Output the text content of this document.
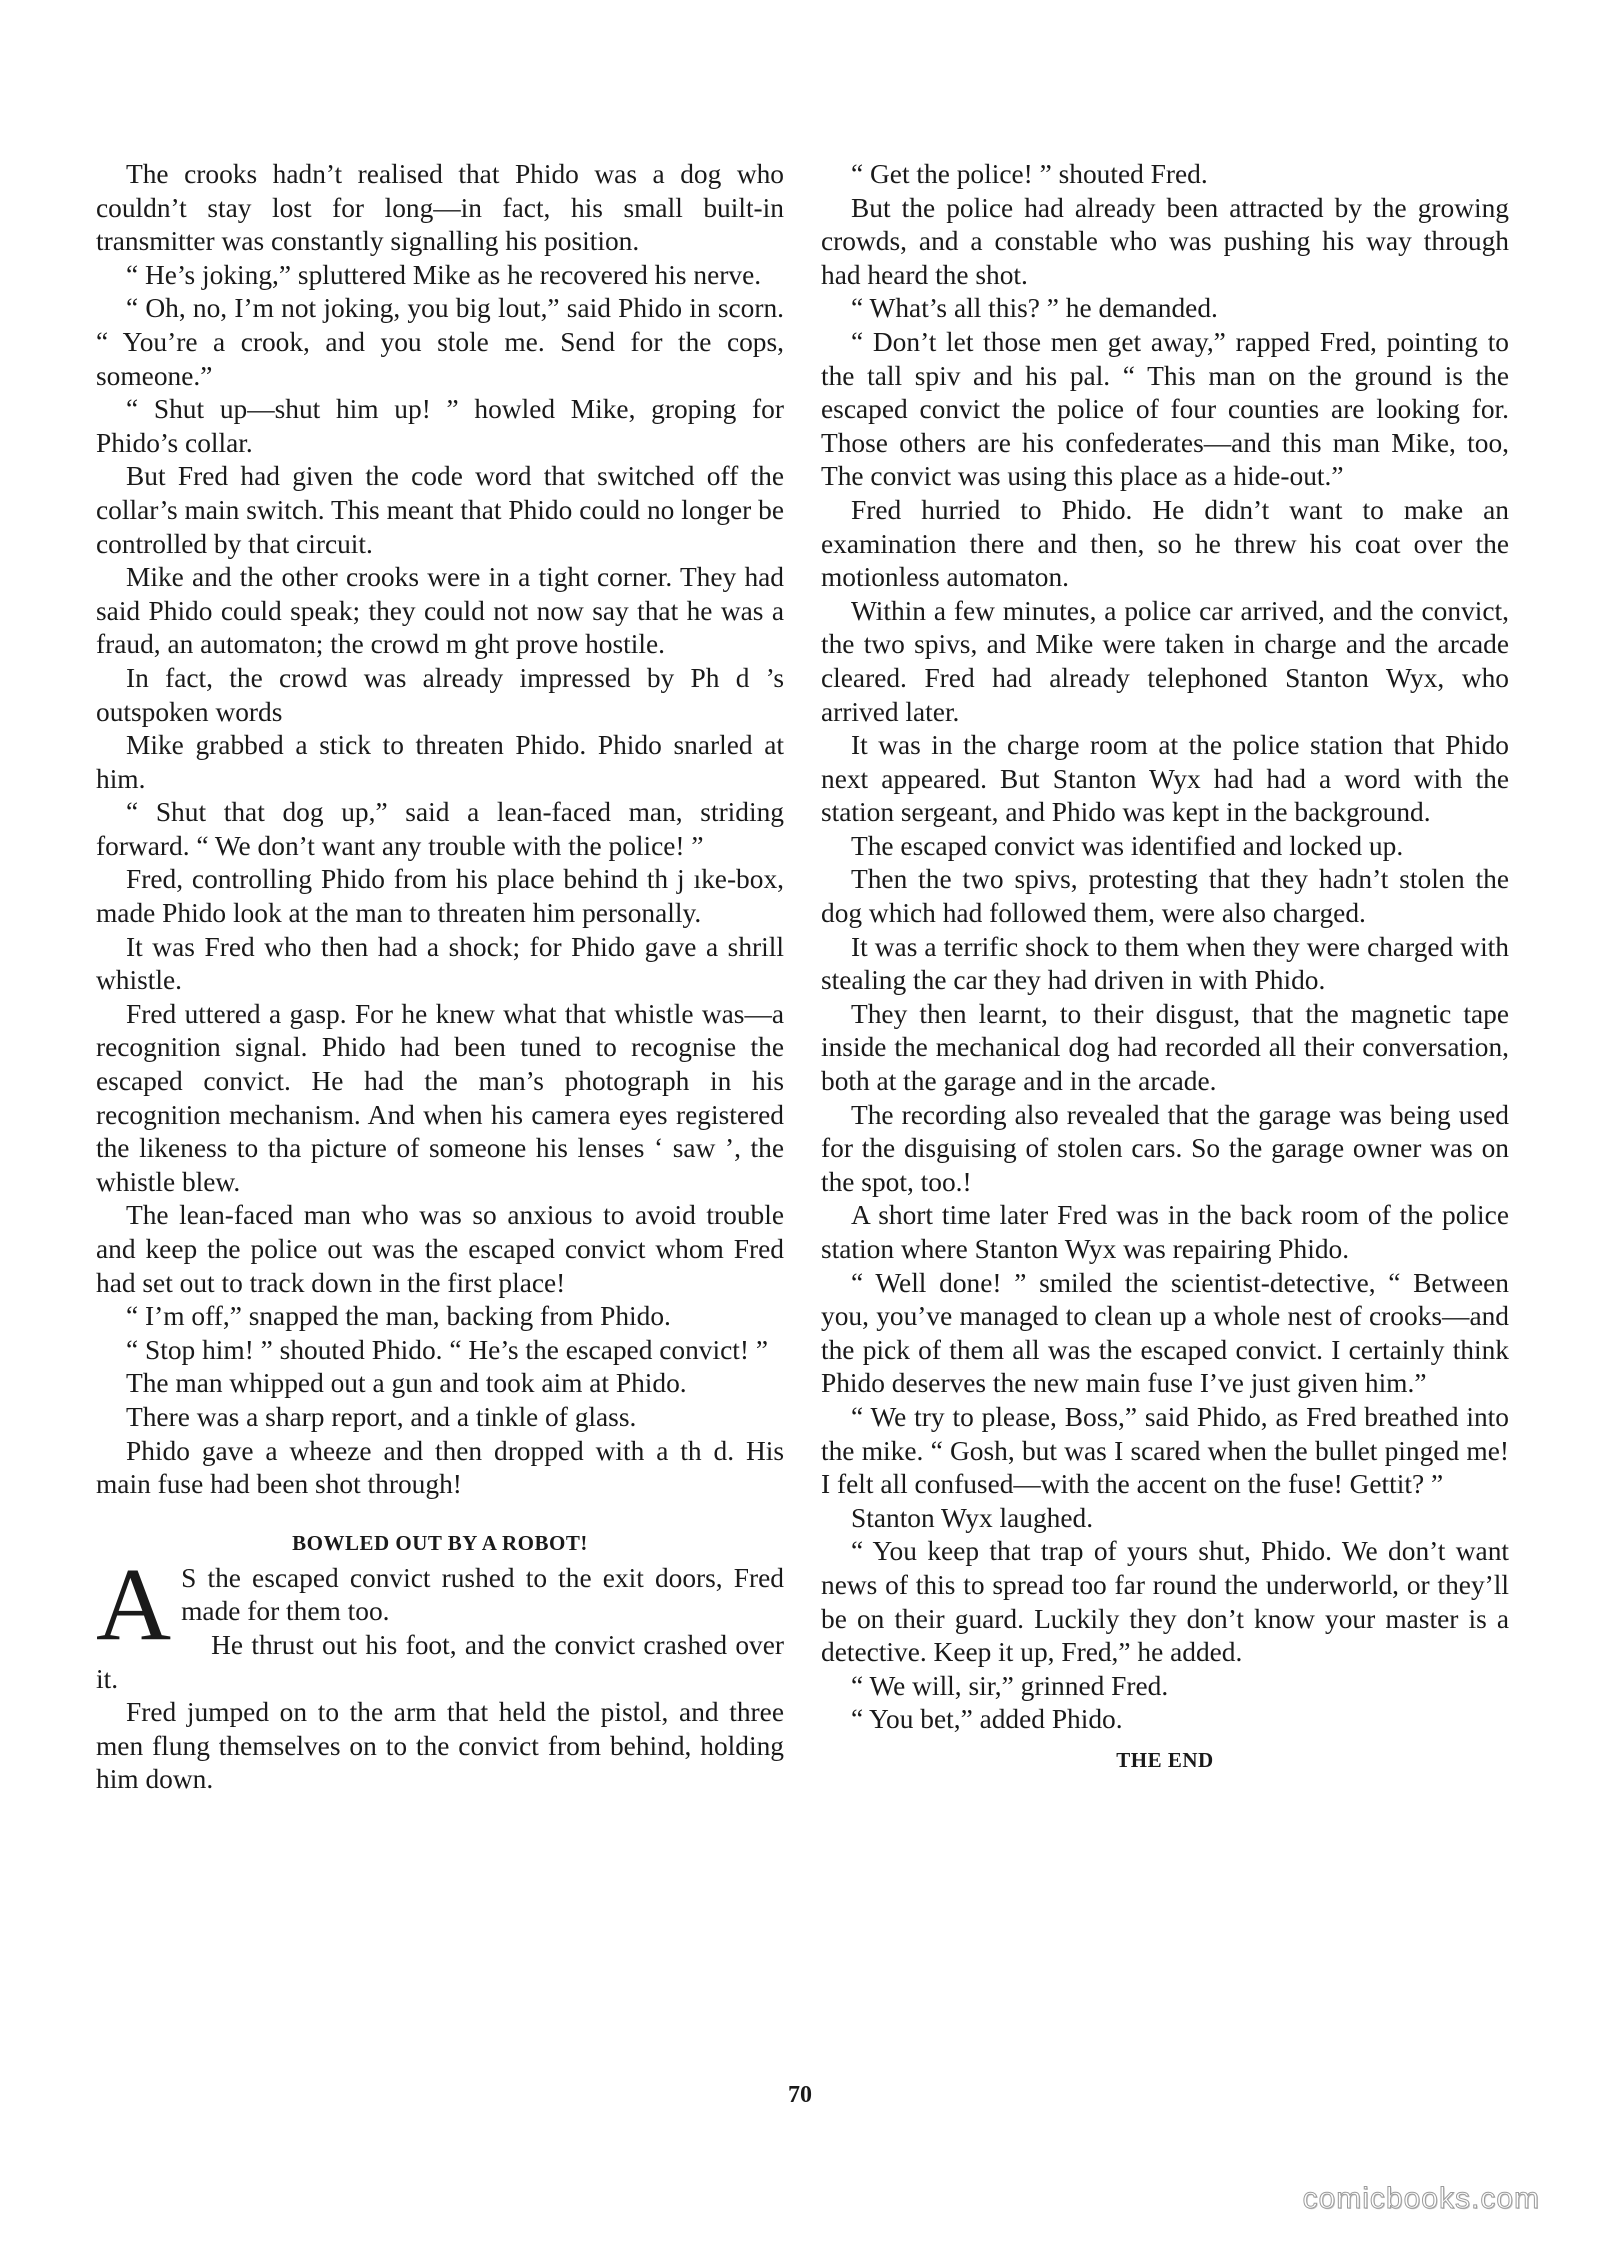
The crooks hadn’t realised that Phido was a dog who couldn’t stay lost for long—in fact, his small built-in transmitter was constantly signalling his position.

“ He’s joking,” spluttered Mike as he recovered his nerve.

“ Oh, no, I’m not joking, you big lout,” said Phido in scorn. “ You’re a crook, and you stole me. Send for the cops, someone.”

“ Shut up—shut him up! ” howled Mike, groping for Phido’s collar.

But Fred had given the code word that switched off the collar’s main switch. This meant that Phido could no longer be controlled by that circuit.

Mike and the other crooks were in a tight corner. They had said Phido could speak; they could not now say that he was a fraud, an automaton; the crowd m ght prove hostile.

In fact, the crowd was already impressed by Ph d ’s outspoken words

Mike grabbed a stick to threaten Phido. Phido snarled at him.

“ Shut that dog up,” said a lean-faced man, striding forward. “ We don’t want any trouble with the police! ”

Fred, controlling Phido from his place behind th j ıke-box, made Phido look at the man to threaten him personally.

It was Fred who then had a shock; for Phido gave a shrill whistle.

Fred uttered a gasp. For he knew what that whistle was—a recognition signal. Phido had been tuned to recognise the escaped convict. He had the man’s photograph in his recognition mechanism. And when his camera eyes registered the likeness to tha picture of someone his lenses ‘ saw ’, the whistle blew.

The lean-faced man who was so anxious to avoid trouble and keep the police out was the escaped convict whom Fred had set out to track down in the first place!

“ I’m off,” snapped the man, backing from Phido.

“ Stop him! ” shouted Phido. “ He’s the escaped convict! ”

The man whipped out a gun and took aim at Phido.

There was a sharp report, and a tinkle of glass.

Phido gave a wheeze and then dropped with a th d. His main fuse had been shot through!

BOWLED OUT BY A ROBOT!

A S the escaped convict rushed to the exit doors, Fred made for them too.

He thrust out his foot, and the convict crashed over it.

Fred jumped on to the arm that held the pistol, and three men flung themselves on to the convict from behind, holding him down.

“ Get the police! ” shouted Fred.

But the police had already been attracted by the growing crowds, and a constable who was pushing his way through had heard the shot.

“ What’s all this? ” he demanded.

“ Don’t let those men get away,” rapped Fred, pointing to the tall spiv and his pal. “ This man on the ground is the escaped convict the police of four counties are looking for. Those others are his confederates—and this man Mike, too, The convict was using this place as a hide-out.”

Fred hurried to Phido. He didn’t want to make an examination there and then, so he threw his coat over the motionless automaton.

Within a few minutes, a police car arrived, and the convict, the two spivs, and Mike were taken in charge and the arcade cleared. Fred had already telephoned Stanton Wyx, who arrived later.

It was in the charge room at the police station that Phido next appeared. But Stanton Wyx had had a word with the station sergeant, and Phido was kept in the background.

The escaped convict was identified and locked up.

Then the two spivs, protesting that they hadn’t stolen the dog which had followed them, were also charged.

It was a terrific shock to them when they were charged with stealing the car they had driven in with Phido.

They then learnt, to their disgust, that the magnetic tape inside the mechanical dog had recorded all their conversation, both at the garage and in the arcade.

The recording also revealed that the garage was being used for the disguising of stolen cars. So the garage owner was on the spot, too.!

A short time later Fred was in the back room of the police station where Stanton Wyx was repairing Phido.

“ Well done! ” smiled the scientist-detective, “ Between you, you’ve managed to clean up a whole nest of crooks—and the pick of them all was the escaped convict. I certainly think Phido deserves the new main fuse I’ve just given him.”

“ We try to please, Boss,” said Phido, as Fred breathed into the mike. “ Gosh, but was I scared when the bullet pinged me! I felt all confused—with the accent on the fuse! Gettit? ”

Stanton Wyx laughed.

“ You keep that trap of yours shut, Phido. We don’t want news of this to spread too far round the underworld, or they’ll be on their guard. Luckily they don’t know your master is a detective. Keep it up, Fred,” he added.

“ We will, sir,” grinned Fred.

“ You bet,” added Phido.

THE END
70
comicbooks.com
